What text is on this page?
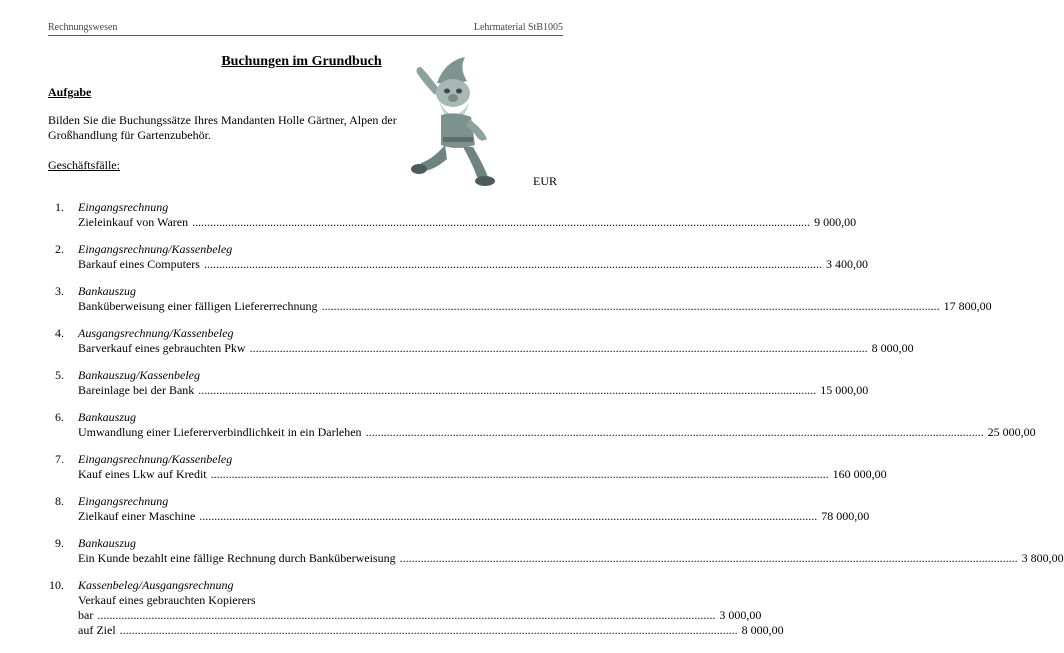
Rechnungswesen	Lehrmaterial StB1005
Buchungen im Grundbuch
Aufgabe
Bilden Sie die Buchungssätze Ihres Mandanten Holle Gärtner, Alpen der Großhandlung für Gartenzubehör.
Geschäftsfälle:
EUR
1. Eingangsrechnung
Zieleinkauf von Waren .............................................................................................................................................................................................................. 9 000,00
2. Eingangsrechnung/Kassenbeleg
Barkauf eines Computers .............................................................................................................................................................................................................. 3 400,00
3. Bankauszug
Banküberweisung einer fälligen Liefererrechnung .............................................................................................................................................................................................................. 17 800,00
4. Ausgangsrechnung/Kassenbeleg
Barverkauf eines gebrauchten Pkw .............................................................................................................................................................................................................. 8 000,00
5. Bankauszug/Kassenbeleg
Bareinlage bei der Bank .............................................................................................................................................................................................................. 15 000,00
6. Bankauszug
Umwandlung einer Liefererverbindlichkeit in ein Darlehen .............................................................................................................................................................................................................. 25 000,00
7. Eingangsrechnung/Kassenbeleg
Kauf eines Lkw auf Kredit .............................................................................................................................................................................................................. 160 000,00
8. Eingangsrechnung
Zielkauf einer Maschine .............................................................................................................................................................................................................. 78 000,00
9. Bankauszug
Ein Kunde bezahlt eine fällige Rechnung durch Banküberweisung .............................................................................................................................................................................................................. 3 800,00
10. Kassenbeleg/Ausgangsrechnung
Verkauf eines gebrauchten Kopierers
bar .............................................................................................................................................................................................................. 3 000,00
auf Ziel .............................................................................................................................................................................................................. 8 000,00
